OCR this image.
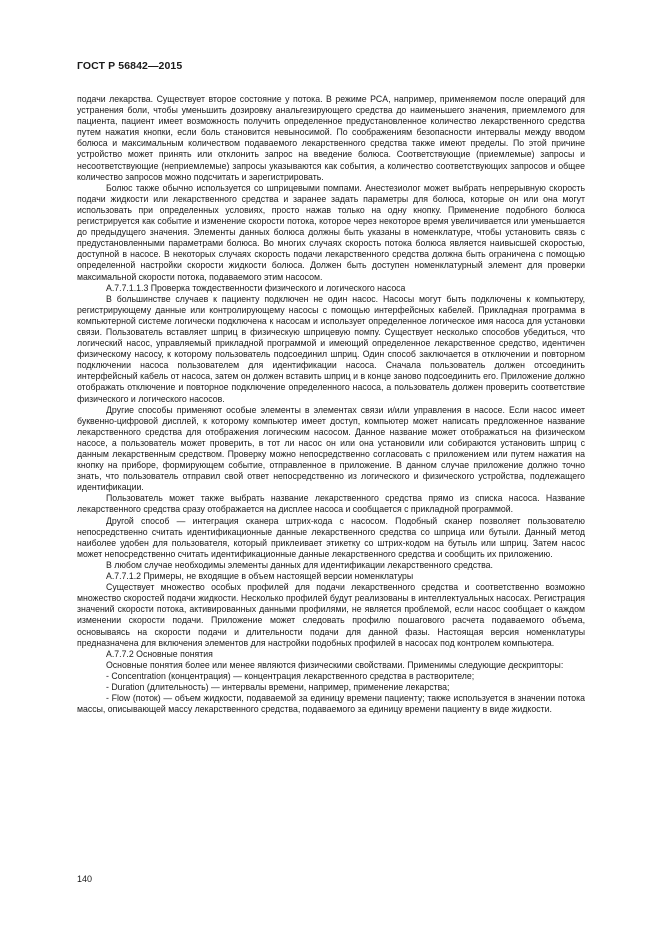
ГОСТ Р 56842—2015

подачи лекарства. Существует второе состояние у потока. В режиме PCA, например, применяемом после операций для устранения боли, чтобы уменьшить дозировку анальгезирующего средства до наименьшего значения, приемлемого для пациента, пациент имеет возможность получить определенное предустановленное количество лекарственного средства путем нажатия кнопки, если боль становится невыносимой. По соображениям безопасности интервалы между вводом болюса и максимальным количеством подаваемого лекарственного средства также имеют пределы. По этой причине устройство может принять или отклонить запрос на введение болюса. Соответствующие (приемлемые) запросы и несоответствующие (неприемлемые) запросы указываются как события, а количество соответствующих запросов и общее количество запросов можно подсчитать и зарегистрировать.

Болюс также обычно используется со шприцевыми помпами. Анестезиолог может выбрать непрерывную скорость подачи жидкости или лекарственного средства и заранее задать параметры для болюса, которые он или она могут использовать при определенных условиях, просто нажав только на одну кнопку. Применение подобного болюса регистрируется как событие и изменение скорости потока, которое через некоторое время увеличивается или уменьшается до предыдущего значения. Элементы данных болюса должны быть указаны в номенклатуре, чтобы установить связь с предустановленными параметрами болюса. Во многих случаях скорость потока болюса является наивысшей скоростью, доступной в насосе. В некоторых случаях скорость подачи лекарственного средства должна быть ограничена с помощью определенной настройки скорости жидкости болюса. Должен быть доступен номенклатурный элемент для проверки максимальной скорости потока, подаваемого этим насосом.

А.7.7.1.1.3 Проверка тождественности физического и логического насоса

В большинстве случаев к пациенту подключен не один насос. Насосы могут быть подключены к компьютеру, регистрирующему данные или контролирующему насосы с помощью интерфейсных кабелей. Прикладная программа в компьютерной системе логически подключена к насосам и использует определенное логическое имя насоса для установки связи. Пользователь вставляет шприц в физическую шприцевую помпу. Существует несколько способов убедиться, что логический насос, управляемый прикладной программой и имеющий определенное лекарственное средство, идентичен физическому насосу, к которому пользователь подсоединил шприц. Один способ заключается в отключении и повторном подключении насоса пользователем для идентификации насоса. Сначала пользователь должен отсоединить интерфейсный кабель от насоса, затем он должен вставить шприц и в конце заново подсоединить его. Приложение должно отображать отключение и повторное подключение определенного насоса, а пользователь должен проверить соответствие физического и логического насосов.

Другие способы применяют особые элементы в элементах связи и/или управления в насосе. Если насос имеет буквенно-цифровой дисплей, к которому компьютер имеет доступ, компьютер может написать предложенное название лекарственного средства для отображения логическим насосом. Данное название может отображаться на физическом насосе, а пользователь может проверить, в тот ли насос он или она установили или собираются установить шприц с данным лекарственным средством. Проверку можно непосредственно согласовать с приложением или путем нажатия на кнопку на приборе, формирующем событие, отправленное в приложение. В данном случае приложение должно точно знать, что пользователь отправил свой ответ непосредственно из логического и физического устройства, подлежащего идентификации.

Пользователь может также выбрать название лекарственного средства прямо из списка насоса. Название лекарственного средства сразу отображается на дисплее насоса и сообщается с прикладной программой.

Другой способ — интеграция сканера штрих-кода с насосом. Подобный сканер позволяет пользователю непосредственно считать идентификационные данные лекарственного средства со шприца или бутыли. Данный метод наиболее удобен для пользователя, который приклеивает этикетку со штрих-кодом на бутыль или шприц. Затем насос может непосредственно считать идентификационные данные лекарственного средства и сообщить их приложению.

В любом случае необходимы элементы данных для идентификации лекарственного средства.

А.7.7.1.2 Примеры, не входящие в объем настоящей версии номенклатуры

Существует множество особых профилей для подачи лекарственного средства и соответственно возможно множество скоростей подачи жидкости. Несколько профилей будут реализованы в интеллектуальных насосах. Регистрация значений скорости потока, активированных данными профилями, не является проблемой, если насос сообщает о каждом изменении скорости подачи. Приложение может следовать профилю пошагового расчета подаваемого объема, основываясь на скорости подачи и длительности подачи для данной фазы. Настоящая версия номенклатуры предназначена для включения элементов для настройки подобных профилей в насосах под контролем компьютера.

А.7.7.2 Основные понятия

Основные понятия более или менее являются физическими свойствами. Применимы следующие дескрипторы:

- Concentration (концентрация) — концентрация лекарственного средства в растворителе;

- Duration (длительность) — интервалы времени, например, применение лекарства;

- Flow (поток) — объем жидкости, подаваемой за единицу времени пациенту; также используется в значении потока массы, описывающей массу лекарственного средства, подаваемого за единицу времени пациенту в виде жидкости.

140
